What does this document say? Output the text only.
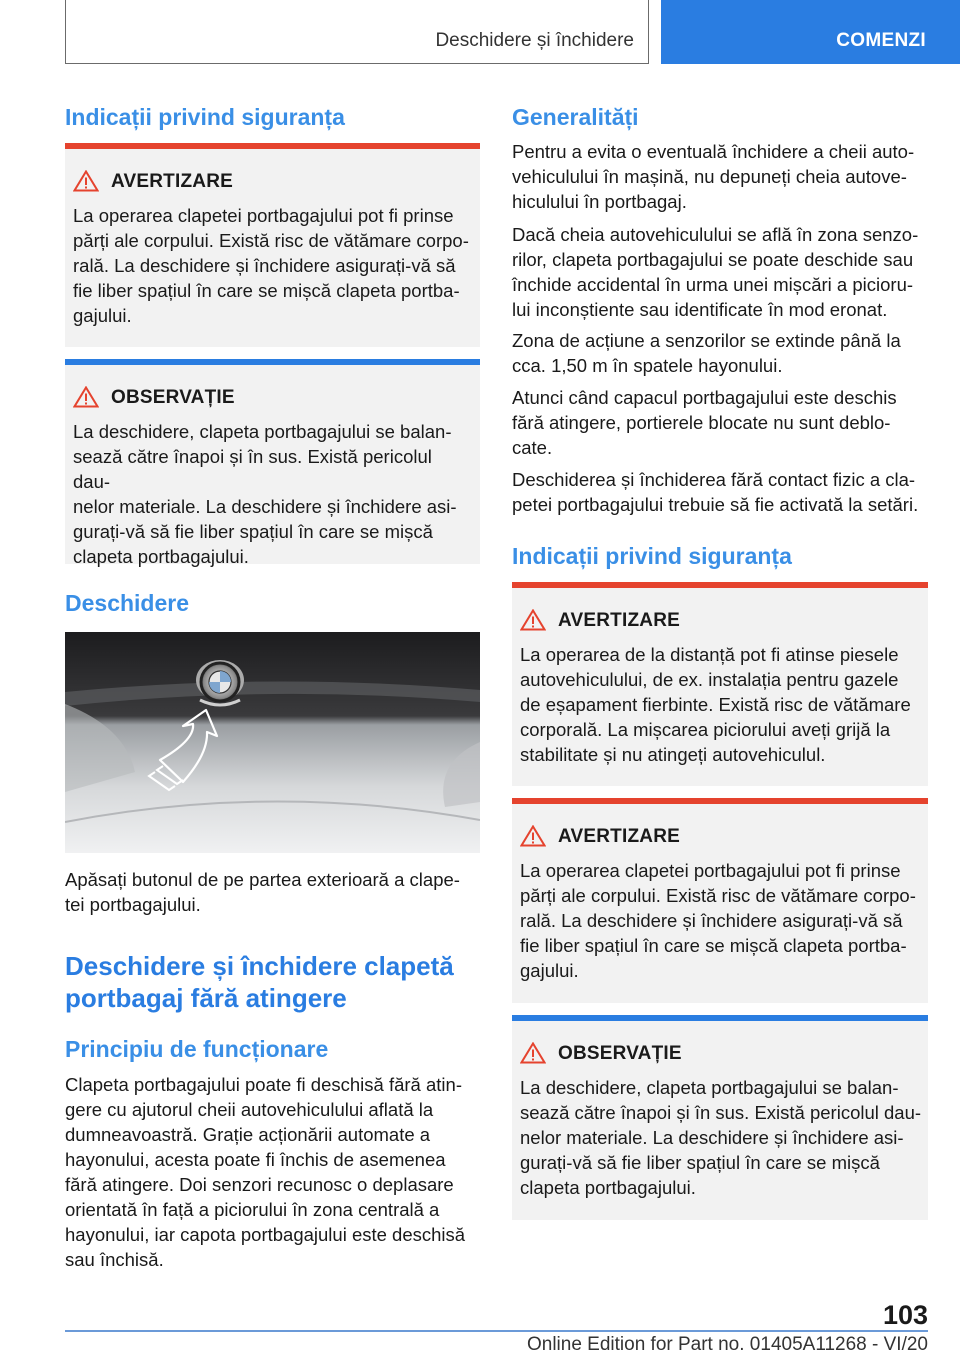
Deschidere și închidere	COMENZI
Indicații privind siguranța
AVERTIZARE
La operarea clapetei portbagajului pot fi prinse
părți ale corpului. Există risc de vătămare corpo-
rală. La deschidere și închidere asigurați-vă să
fie liber spațiul în care se mișcă clapeta portba-
gajului.
OBSERVAȚIE
La deschidere, clapeta portbagajului se balan-
sează către înapoi și în sus. Există pericolul dau-
nelor materiale. La deschidere și închidere asi-
gurați-vă să fie liber spațiul în care se mișcă
clapeta portbagajului.
Deschidere

Apăsați butonul de pe partea exterioară a clape-
tei portbagajului.

Deschidere și închidere clapetă
portbagaj fără atingere
Principiu de funcționare

Clapeta portbagajului poate fi deschisă fără atin-
gere cu ajutorul cheii autovehiculului aflată la
dumneavoastră. Grație acționării automate a
hayonului, acesta poate fi închis de asemenea
fără atingere. Doi senzori recunosc o deplasare
orientată în față a piciorului în zona centrală a
hayonului, iar capota portbagajului este deschisă
sau închisă.

Generalități

Pentru a evita o eventuală închidere a cheii auto-
vehiculului în mașină, nu depuneți cheia autove-
hiculului în portbagaj.

Dacă cheia autovehiculului se află în zona senzo-
rilor, clapeta portbagajului se poate deschide sau
închide accidental în urma unei mișcări a picioru-
lui inconștiente sau identificate în mod eronat.

Zona de acțiune a senzorilor se extinde până la
cca. 1,50 m în spatele hayonului.

Atunci când capacul portbagajului este deschis
fără atingere, portierele blocate nu sunt deblo-
cate.

Deschiderea și închiderea fără contact fizic a cla-
petei portbagajului trebuie să fie activată la setări.

Indicații privind siguranța
AVERTIZARE
La operarea de la distanță pot fi atinse piesele
autovehiculului, de ex. instalația pentru gazele
de eșapament fierbinte. Există risc de vătămare
corporală. La mișcarea piciorului aveți grijă la
stabilitate și nu atingeți autovehiculul.
AVERTIZARE
La operarea clapetei portbagajului pot fi prinse
părți ale corpului. Există risc de vătămare corpo-
rală. La deschidere și închidere asigurați-vă să
fie liber spațiul în care se mișcă clapeta portba-
gajului.
OBSERVAȚIE
La deschidere, clapeta portbagajului se balan-
sează către înapoi și în sus. Există pericolul dau-
nelor materiale. La deschidere și închidere asi-
gurați-vă să fie liber spațiul în care se mișcă
clapeta portbagajului.
103
Online Edition for Part no. 01405A11268 - VI/20
